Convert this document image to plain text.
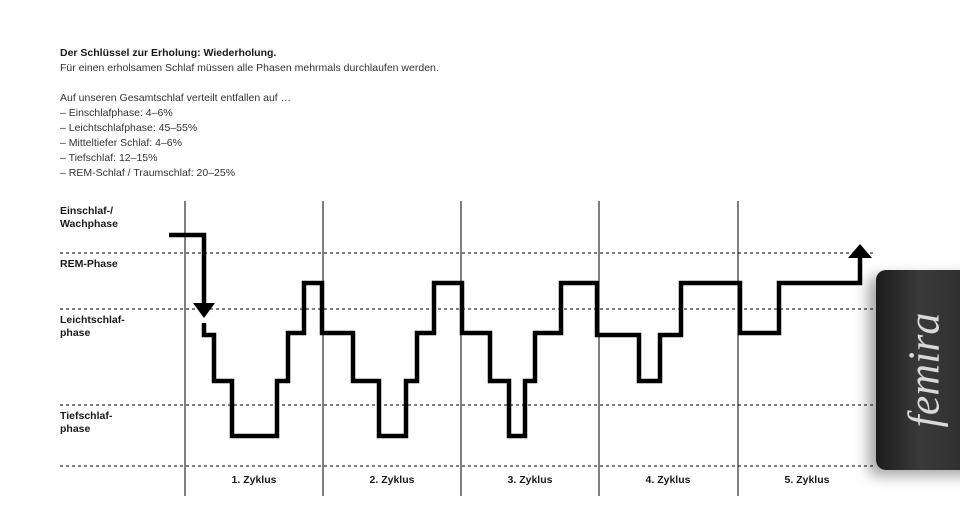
Der Schlüssel zur Erholung: Wiederholung.

Für einen erholsamen Schlaf müssen alle Phasen mehrmals durchlaufen werden.

Auf unseren Gesamtschlaf verteilt entfallen auf …

– Einschlafphase: 4–6%
– Leichtschlafphase: 45–55%
– Mitteltiefer Schlaf: 4–6%
– Tiefschlaf: 12–15%
– REM-Schlaf / Traumschlaf: 20–25%
Einschlaf-/
Wachphase
REM-Phase
Leichtschlaf-
phase
Tiefschlaf-
phase
1. Zyklus	2. Zyklus	3. Zyklus	4. Zyklus	5. Zyklus
femira
